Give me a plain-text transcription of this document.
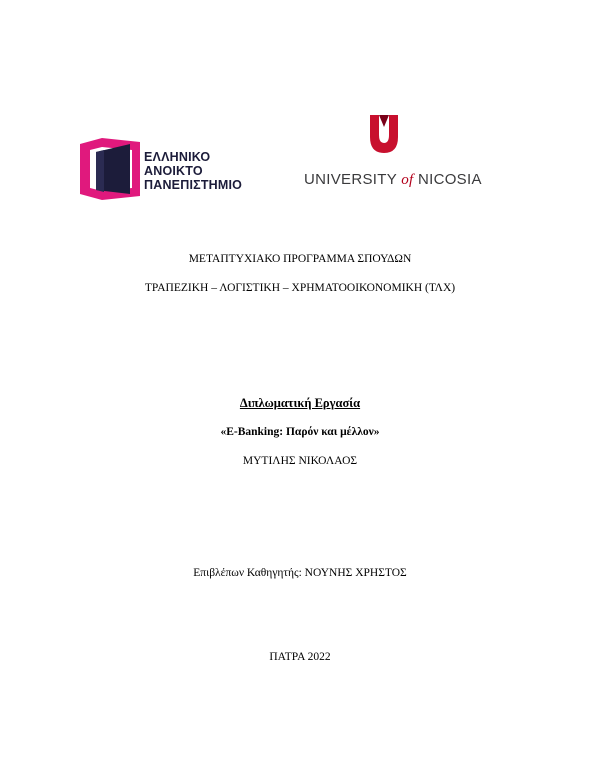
ΕΛΛΗΝΙΚΟ
ΑΝΟΙΚΤΟ
ΠΑΝΕΠΙΣΤΗΜΙΟ	UNIVERSITY of NICOSIA
ΜΕΤΑΠΤΥΧΙΑΚΟ ΠΡΟΓΡΑΜΜΑ ΣΠΟΥΔΩΝ
ΤΡΑΠΕΖΙΚΗ – ΛΟΓΙΣΤΙΚΗ – ΧΡΗΜΑΤΟΟΙΚΟΝΟΜΙΚΗ (ΤΛΧ)
Διπλωματική Εργασία
«E-Banking: Παρόν και μέλλον»
ΜΥΤΙΛΗΣ ΝΙΚΟΛΑΟΣ
Επιβλέπων Καθηγητής: ΝΟΥΝΗΣ ΧΡΗΣΤΟΣ
ΠΑΤΡΑ 2022
